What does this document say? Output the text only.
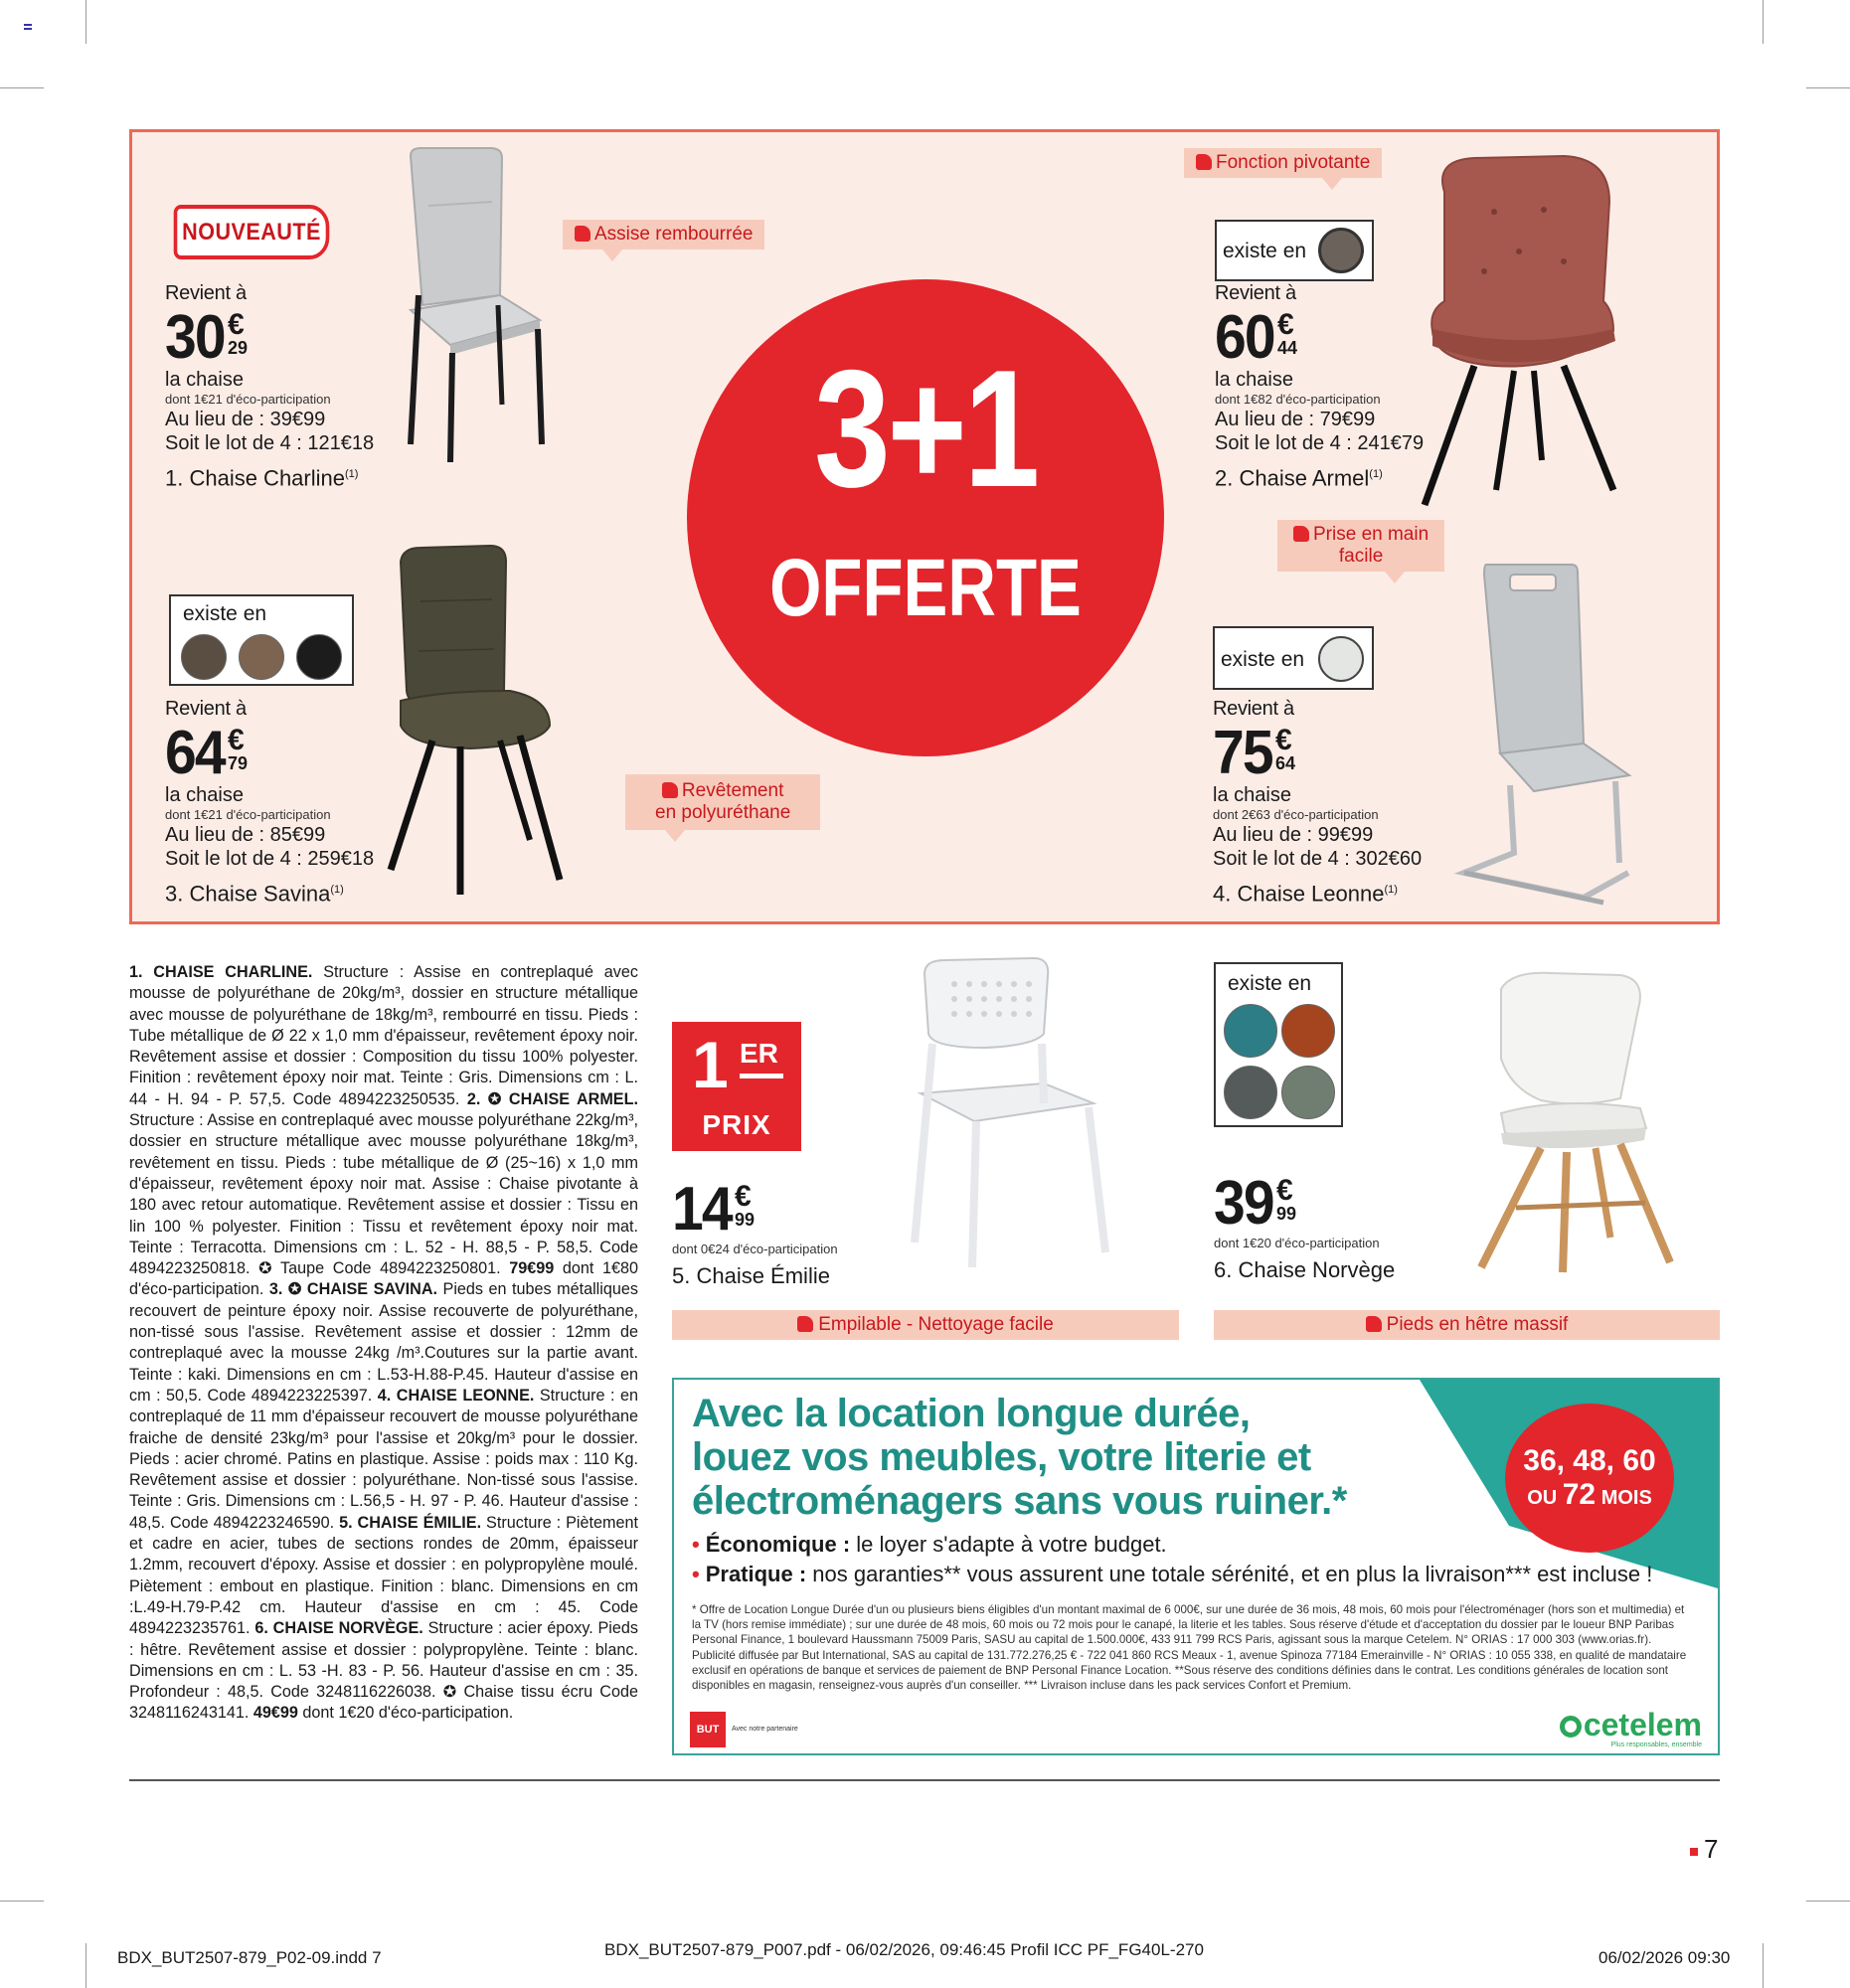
NOUVEAUTÉ
Revient à
30 €
29
la chaise
dont 1€21 d'éco-participation
Au lieu de : 39€99
Soit le lot de 4 : 121€18
1. Chaise Charline$^{(1)}$
Assise rembourrée
3+1
OFFERTE
existe en
Revient à
64 €
79
la chaise
dont 1€21 d'éco-participation
Au lieu de : 85€99
Soit le lot de 4 : 259€18
3. Chaise Savina$^{(1)}$
Revêtement
en polyuréthane
Fonction pivotante
existe en
Revient à
60 €
44
la chaise
dont 1€82 d'éco-participation
Au lieu de : 79€99
Soit le lot de 4 : 241€79
2. Chaise Armel$^{(1)}$
Prise en main
facile
existe en
Revient à
75 €
64
la chaise
dont 2€63 d'éco-participation
Au lieu de : 99€99
Soit le lot de 4 : 302€60
4. Chaise Leonne$^{(1)}$
1. CHAISE CHARLINE. Structure : Assise en contreplaqué avec mousse de polyuréthane de 20kg/m³, dossier en structure métallique avec mousse de polyuréthane de 18kg/m³, rembourré en tissu. Pieds : Tube métallique de Ø 22 x 1,0 mm d'épaisseur, revêtement époxy noir. Revêtement assise et dossier : Composition du tissu 100% polyester. Finition : revêtement époxy noir mat. Teinte : Gris. Dimensions cm : L. 44 - H. 94 - P. 57,5. Code 4894223250535. 2. ✪ CHAISE ARMEL. Structure : Assise en contreplaqué avec mousse polyuréthane 22kg/m³, dossier en structure métallique avec mousse polyuréthane 18kg/m³, revêtement en tissu. Pieds : tube métallique de Ø (25~16) x 1,0 mm d'épaisseur, revêtement époxy noir mat. Assise : Chaise pivotante à 180 avec retour automatique. Revêtement assise et dossier : Tissu en lin 100 % polyester. Finition : Tissu et revêtement époxy noir mat. Teinte : Terracotta. Dimensions cm : L. 52 - H. 88,5 - P. 58,5. Code 4894223250818. ✪ Taupe Code 4894223250801. 79€99 dont 1€80 d'éco-participation. 3. ✪ CHAISE SAVINA. Pieds en tubes métalliques recouvert de peinture époxy noir. Assise recouverte de polyuréthane, non-tissé sous l'assise. Revêtement assise et dossier : 12mm de contreplaqué avec la mousse 24kg /m³.Coutures sur la partie avant. Teinte : kaki. Dimensions en cm : L.53-H.88-P.45. Hauteur d'assise en cm : 50,5. Code 4894223225397. 4. CHAISE LEONNE. Structure : en contreplaqué de 11 mm d'épaisseur recouvert de mousse polyuréthane fraiche de densité 23kg/m³ pour l'assise et 20kg/m³ pour le dossier. Pieds : acier chromé. Patins en plastique. Assise : poids max : 110 Kg. Revêtement assise et dossier : polyuréthane. Non-tissé sous l'assise. Teinte : Gris. Dimensions cm : L.56,5 - H. 97 - P. 46. Hauteur d'assise : 48,5. Code 4894223246590. 5. CHAISE ÉMILIE. Structure : Piètement et cadre en acier, tubes de sections rondes de 20mm, épaisseur 1.2mm, recouvert d'époxy. Assise et dossier : en polypropylène moulé. Piètement : embout en plastique. Finition : blanc. Dimensions en cm :L.49-H.79-P.42 cm. Hauteur d'assise en cm : 45. Code 4894223235761. 6. CHAISE NORVÈGE. Structure : acier époxy. Pieds : hêtre. Revêtement assise et dossier : polypropylène. Teinte : blanc. Dimensions en cm : L. 53 -H. 83 - P. 56. Hauteur d'assise en cm : 35. Profondeur : 48,5. Code 3248116226038. ✪ Chaise tissu écru Code 3248116243141. 49€99 dont 1€20 d'éco-participation.
1 ER
PRIX
14 €
99
dont 0€24 d'éco-participation
5. Chaise Émilie
Empilable - Nettoyage facile
existe en
39 €
99
dont 1€20 d'éco-participation
6. Chaise Norvège
Pieds en hêtre massif
Avec la location longue durée,
louez vos meubles, votre literie et
électroménagers sans vous ruiner.*
36, 48, 60
OU 72 MOIS
• Économique : le loyer s'adapte à votre budget.
• Pratique : nos garanties** vous assurent une totale sérénité, et en plus la livraison*** est incluse !
* Offre de Location Longue Durée d'un ou plusieurs biens éligibles d'un montant maximal de 6 000€, sur une durée de 36 mois, 48 mois, 60 mois pour l'électroménager (hors son et multimedia) et la TV (hors remise immédiate) ; sur une durée de 48 mois, 60 mois ou 72 mois pour le canapé, la literie et les tables. Sous réserve d'étude et d'acceptation du dossier par le loueur BNP Paribas Personal Finance, 1 boulevard Haussmann 75009 Paris, SASU au capital de 1.500.000€, 433 911 799 RCS Paris, agissant sous la marque Cetelem. N° ORIAS : 17 000 303 (www.orias.fr). Publicité diffusée par But International, SAS au capital de 131.772.276,25 € - 722 041 860 RCS Meaux - 1, avenue Spinoza 77184 Emerainville - N° ORIAS : 10 055 338, en qualité de mandataire exclusif en opérations de banque et services de paiement de BNP Personal Finance Location. **Sous réserve des conditions définies dans le contrat. Les conditions générales de location sont disponibles en magasin, renseignez-vous auprès d'un conseiller. *** Livraison incluse dans les pack services Confort et Premium.
BUT	Avec notre partenaire	cetelem
Plus responsables, ensemble
7
BDX_BUT2507-879_P02-09.indd 7	BDX_BUT2507-879_P007.pdf - 06/02/2026, 09:46:45 Profil ICC PF_FG40L-270	06/02/2026 09:30
